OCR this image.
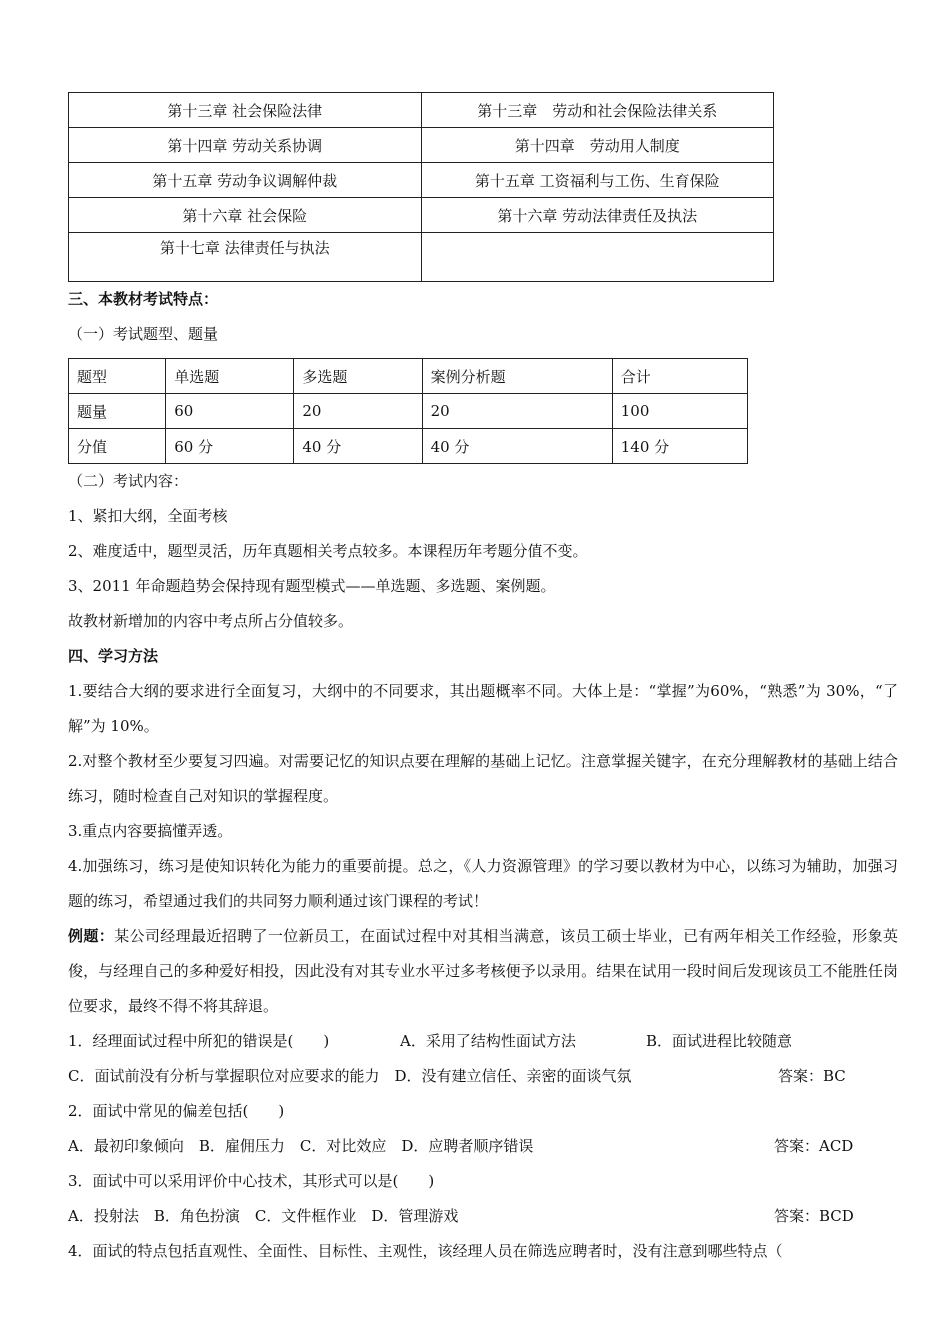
第十三章 社会保险法律	第十三章　劳动和社会保险法律关系
第十四章 劳动关系协调	第十四章　劳动用人制度
第十五章 劳动争议调解仲裁	第十五章 工资福利与工伤、生育保险
第十六章 社会保险	第十六章 劳动法律责任及执法
第十七章 法律责任与执法	

三、本教材考试特点：

（一）考试题型、题量

题型	单选题	多选题	案例分析题	合计
题量	60	20	20	100
分值	60 分	40 分	40 分	140 分

（二）考试内容：

1、紧扣大纲，全面考核

2、难度适中，题型灵活，历年真题相关考点较多。本课程历年考题分值不变。

3、2011 年命题趋势会保持现有题型模式——单选题、多选题、案例题。

故教材新增加的内容中考点所占分值较多。

四、学习方法

1.要结合大纲的要求进行全面复习，大纲中的不同要求，其出题概率不同。大体上是：“掌握”为60%，“熟悉”为 30%，“了解”为 10%。

2.对整个教材至少要复习四遍。对需要记忆的知识点要在理解的基础上记忆。注意掌握关键字，在充分理解教材的基础上结合练习，随时检查自己对知识的掌握程度。

3.重点内容要搞懂弄透。

4.加强练习，练习是使知识转化为能力的重要前提。总之，《人力资源管理》的学习要以教材为中心，以练习为辅助，加强习题的练习，希望通过我们的共同努力顺利通过该门课程的考试！

例题：某公司经理最近招聘了一位新员工，在面试过程中对其相当满意，该员工硕士毕业，已有两年相关工作经验，形象英俊，与经理自己的多种爱好相投，因此没有对其专业水平过多考核便予以录用。结果在试用一段时间后发现该员工不能胜任岗位要求，最终不得不将其辞退。

1．经理面试过程中所犯的错误是(　　)	A．采用了结构性面试方法	B．面试进程比较随意
C．面试前没有分析与掌握职位对应要求的能力　D．没有建立信任、亲密的面谈气氛	答案：BC
2．面试中常见的偏差包括(　　)
A．最初印象倾向　B．雇佣压力　C．对比效应　D．应聘者顺序错误	答案：ACD
3．面试中可以采用评价中心技术，其形式可以是(　　)
A．投射法　B．角色扮演　C．文件框作业　D．管理游戏	答案：BCD
4．面试的特点包括直观性、全面性、目标性、主观性，该经理人员在筛选应聘者时，没有注意到哪些特点（
